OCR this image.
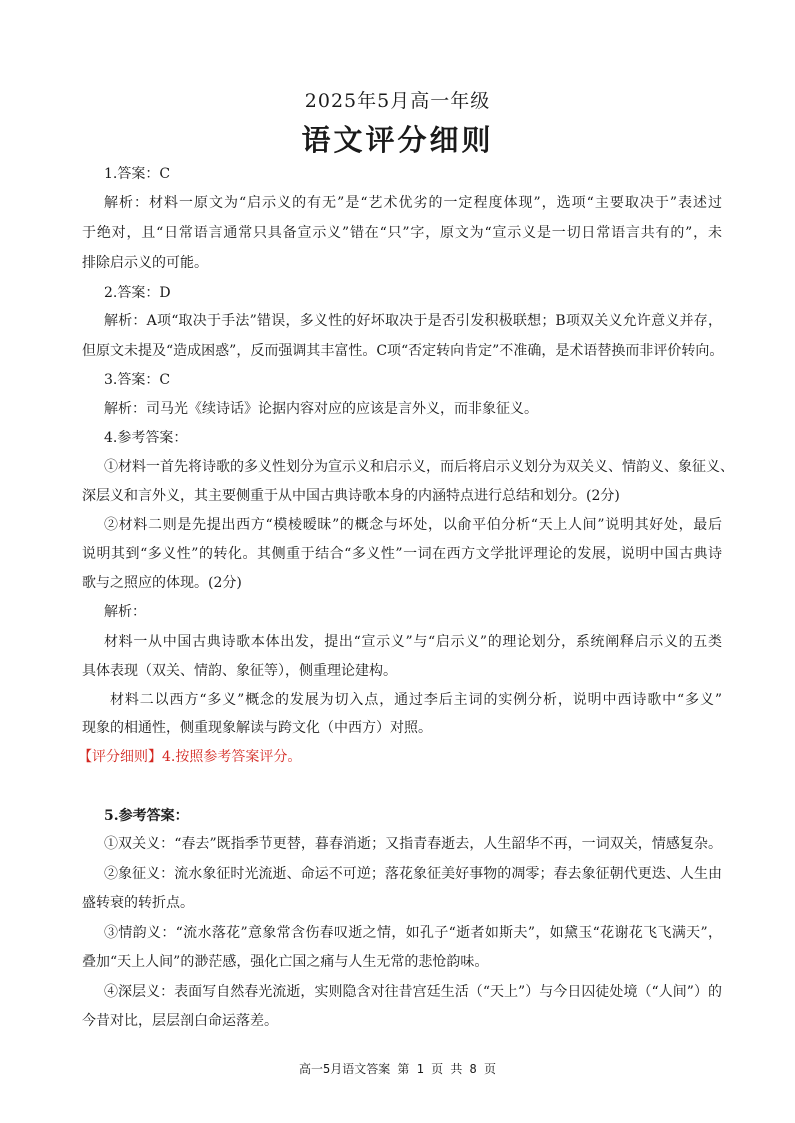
2025年5月高一年级
语文评分细则
1.答案：C
解析：材料一原文为“启示义的有无”是“艺术优劣的一定程度体现”，选项“主要取决于”表述过
于绝对，且“日常语言通常只具备宣示义”错在“只”字，原文为“宣示义是一切日常语言共有的”，未
排除启示义的可能。
2.答案：D
解析：A项“取决于手法”错误，多义性的好坏取决于是否引发积极联想；B项双关义允许意义并存，
但原文未提及“造成困惑”，反而强调其丰富性。C项“否定转向肯定”不准确，是术语替换而非评价转向。
3.答案：C
解析：司马光《续诗话》论据内容对应的应该是言外义，而非象征义。
4.参考答案：
①材料一首先将诗歌的多义性划分为宣示义和启示义，而后将启示义划分为双关义、情韵义、象征义、
深层义和言外义，其主要侧重于从中国古典诗歌本身的内涵特点进行总结和划分。(2分)
②材料二则是先提出西方“模棱暧昧”的概念与坏处，以俞平伯分析“天上人间”说明其好处，最后
说明其到“多义性”的转化。其侧重于结合“多义性”一词在西方文学批评理论的发展，说明中国古典诗
歌与之照应的体现。(2分)
解析：
材料一从中国古典诗歌本体出发，提出“宣示义”与“启示义”的理论划分，系统阐释启示义的五类
具体表现（双关、情韵、象征等），侧重理论建构。
材料二以西方“多义”概念的发展为切入点，通过李后主词的实例分析，说明中西诗歌中“多义”
现象的相通性，侧重现象解读与跨文化（中西方）对照。
【评分细则】4.按照参考答案评分。
5.参考答案：
①双关义：“春去”既指季节更替，暮春消逝；又指青春逝去，人生韶华不再，一词双关，情感复杂。
②象征义：流水象征时光流逝、命运不可逆；落花象征美好事物的凋零；春去象征朝代更迭、人生由
盛转衰的转折点。
③情韵义：“流水落花”意象常含伤春叹逝之情，如孔子“逝者如斯夫”，如黛玉“花谢花飞飞满天”，
叠加“天上人间”的渺茫感，强化亡国之痛与人生无常的悲怆韵味。
④深层义：表面写自然春光流逝，实则隐含对往昔宫廷生活（“天上”）与今日囚徒处境（“人间”）的
今昔对比，层层剖白命运落差。
高一5月语文答案 第 1 页 共 8 页
